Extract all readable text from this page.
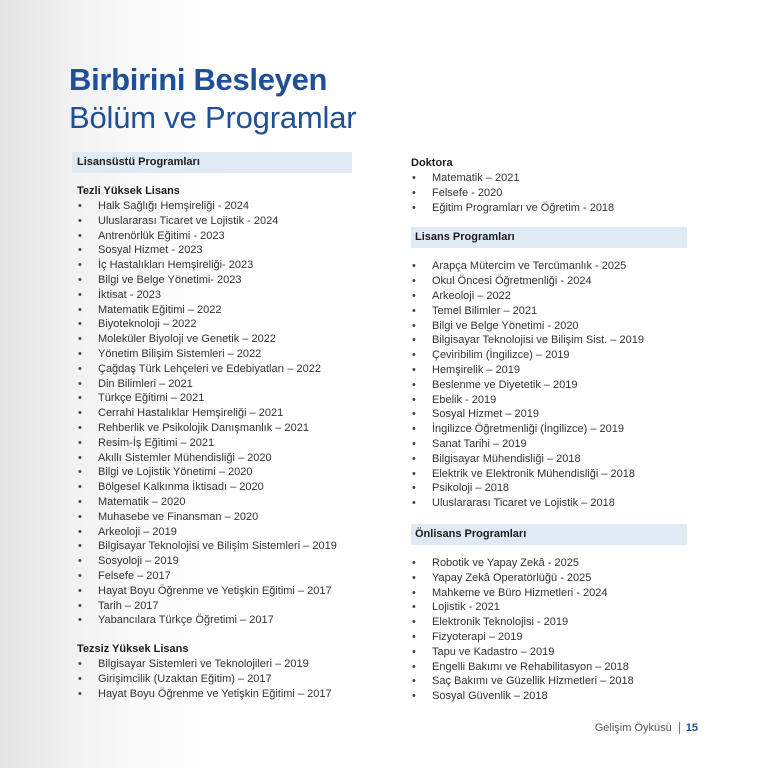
Birbirini Besleyen
Bölüm ve Programlar
Lisansüstü Programları
Tezli Yüksek Lisans
• Halk Sağlığı Hemşireliği - 2024
• Uluslararası Ticaret ve Lojistik - 2024
• Antrenörlük Eğitimi - 2023
• Sosyal Hizmet - 2023
• İç Hastalıkları Hemşireliği- 2023
• Bilgi ve Belge Yönetimi- 2023
• İktisat - 2023
• Matematik Eğitimi – 2022
• Biyoteknoloji – 2022
• Moleküler Biyoloji ve Genetik – 2022
• Yönetim Bilişim Sistemleri – 2022
• Çağdaş Türk Lehçeleri ve Edebiyatları – 2022
• Din Bilimleri – 2021
• Türkçe Eğitimi – 2021
• Cerrahi Hastalıklar Hemşireliği – 2021
• Rehberlik ve Psikolojik Danışmanlık – 2021
• Resim-İş Eğitimi – 2021
• Akıllı Sistemler Mühendisliği – 2020
• Bilgi ve Lojistik Yönetimi – 2020
• Bölgesel Kalkınma İktisadı – 2020
• Matematik – 2020
• Muhasebe ve Finansman – 2020
• Arkeoloji – 2019
• Bilgisayar Teknolojisi ve Bilişim Sistemleri – 2019
• Sosyoloji – 2019
• Felsefe – 2017
• Hayat Boyu Öğrenme ve Yetişkin Eğitimi – 2017
• Tarih – 2017
• Yabancılara Türkçe Öğretimi – 2017
Tezsiz Yüksek Lisans
• Bilgisayar Sistemleri ve Teknolojileri – 2019
• Girişimcilik (Uzaktan Eğitim) – 2017
• Hayat Boyu Öğrenme ve Yetişkin Eğitimi – 2017
Doktora
• Matematik – 2021
• Felsefe - 2020
• Eğitim Programları ve Öğretim - 2018
Lisans Programları
• Arapça Mütercim ve Tercümanlık - 2025
• Okul Öncesi Öğretmenliği - 2024
• Arkeoloji – 2022
• Temel Bilimler – 2021
• Bilgi ve Belge Yönetimi - 2020
• Bilgisayar Teknolojisi ve Bilişim Sist. – 2019
• Çeviribilim (İngilizce) – 2019
• Hemşirelik – 2019
• Beslenme ve Diyetetik – 2019
• Ebelik - 2019
• Sosyal Hizmet – 2019
• İngilizce Öğretmenliği (İngilizce) – 2019
• Sanat Tarihi – 2019
• Bilgisayar Mühendisliği – 2018
• Elektrik ve Elektronik Mühendisliği – 2018
• Psikoloji – 2018
• Uluslararası Ticaret ve Lojistik – 2018
Önlisans Programları
• Robotik ve Yapay Zekâ - 2025
• Yapay Zekâ Operatörlüğü - 2025
• Mahkeme ve Büro Hizmetleri - 2024
• Lojistik - 2021
• Elektronik Teknolojisi - 2019
• Fizyoterapi – 2019
• Tapu ve Kadastro – 2019
• Engelli Bakımı ve Rehabilitasyon – 2018
• Saç Bakımı ve Güzellik Hizmetleri – 2018
• Sosyal Güvenlik – 2018
Gelişim Öyküsü 15
